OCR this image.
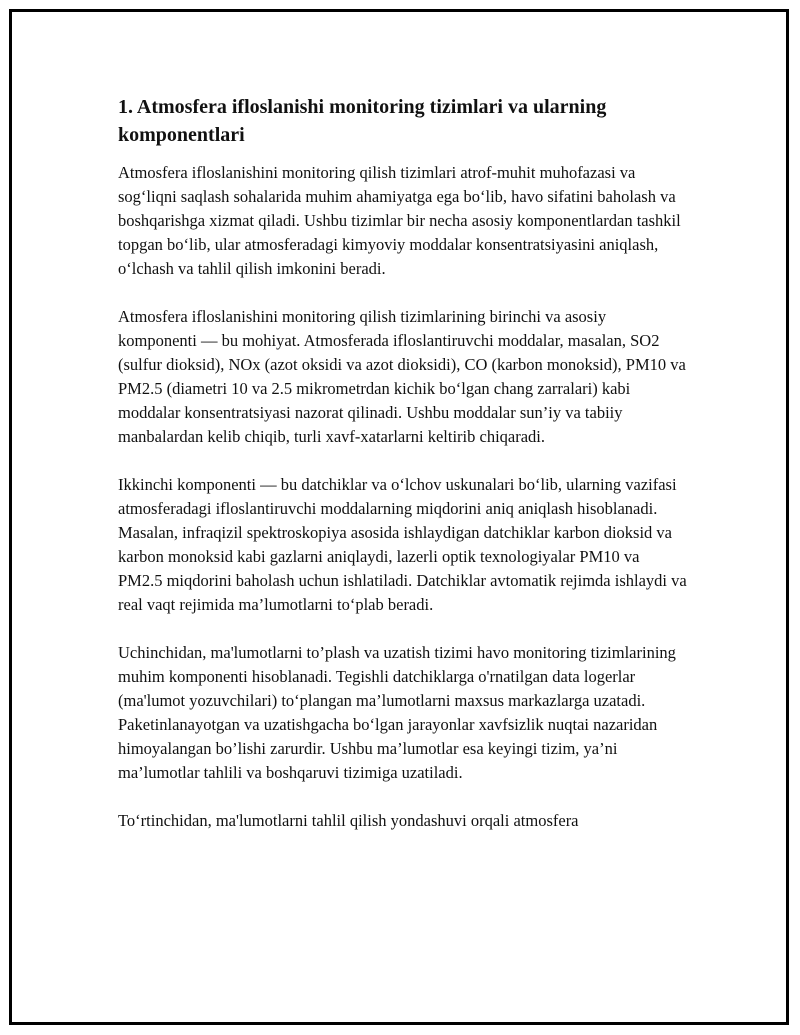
1. Atmosfera ifloslanishi monitoring tizimlari va ularning komponentlari

Atmosfera ifloslanishini monitoring qilish tizimlari atrof-muhit muhofazasi va sog‘liqni saqlash sohalarida muhim ahamiyatga ega bo‘lib, havo sifatini baholash va boshqarishga xizmat qiladi. Ushbu tizimlar bir necha asosiy komponentlardan tashkil topgan bo‘lib, ular atmosferadagi kimyoviy moddalar konsentratsiyasini aniqlash, o‘lchash va tahlil qilish imkonini beradi.

Atmosfera ifloslanishini monitoring qilish tizimlarining birinchi va asosiy komponenti — bu mohiyat. Atmosferada ifloslantiruvchi moddalar, masalan, SO2 (sulfur dioksid), NOx (azot oksidi va azot dioksidi), CO (karbon monoksid), PM10 va PM2.5 (diametri 10 va 2.5 mikrometrdan kichik bo‘lgan chang zarralari) kabi moddalar konsentratsiyasi nazorat qilinadi. Ushbu moddalar sun’iy va tabiiy manbalardan kelib chiqib, turli xavf-xatarlarni keltirib chiqaradi.

Ikkinchi komponenti — bu datchiklar va o‘lchov uskunalari bo‘lib, ularning vazifasi atmosferadagi ifloslantiruvchi moddalarning miqdorini aniq aniqlash hisoblanadi. Masalan, infraqizil spektroskopiya asosida ishlaydigan datchiklar karbon dioksid va karbon monoksid kabi gazlarni aniqlaydi, lazerli optik texnologiyalar PM10 va PM2.5 miqdorini baholash uchun ishlatiladi. Datchiklar avtomatik rejimda ishlaydi va real vaqt rejimida ma’lumotlarni to‘plab beradi.

Uchinchidan, ma'lumotlarni to’plash va uzatish tizimi havo monitoring tizimlarining muhim komponenti hisoblanadi. Tegishli datchiklarga o'rnatilgan data logerlar (ma'lumot yozuvchilari) to‘plangan ma’lumotlarni maxsus markazlarga uzatadi. Paketinlanayotgan va uzatishgacha bo‘lgan jarayonlar xavfsizlik nuqtai nazaridan himoyalangan bo’lishi zarurdir. Ushbu ma’lumotlar esa keyingi tizim, ya’ni ma’lumotlar tahlili va boshqaruvi tizimiga uzatiladi.

To‘rtinchidan, ma'lumotlarni tahlil qilish yondashuvi orqali atmosfera
